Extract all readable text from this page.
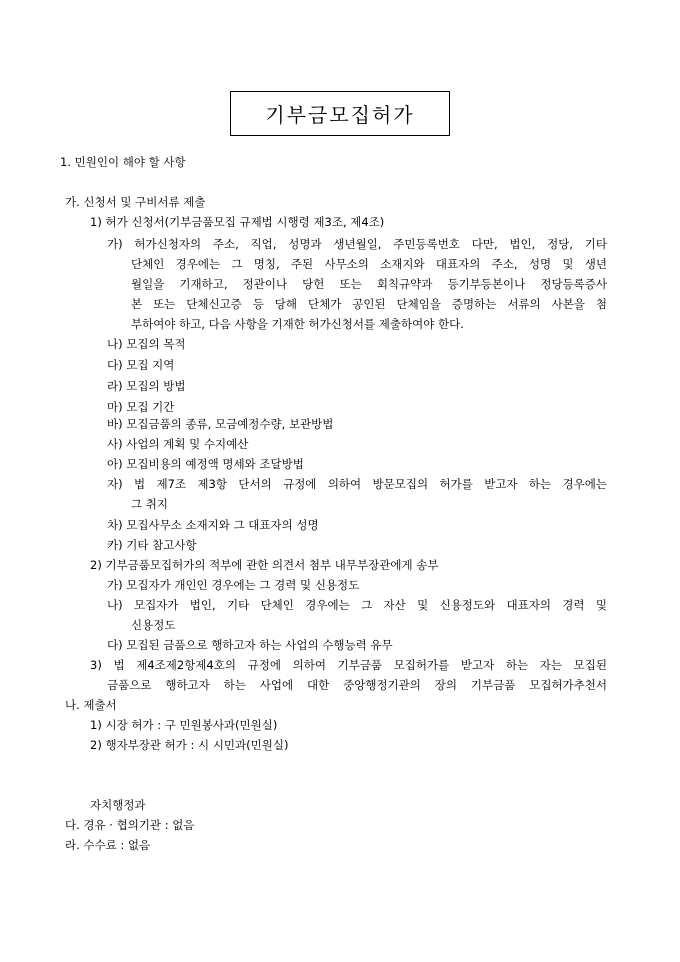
기부금모집허가

1. 민원인이 해야 할 사항

가. 신청서 및 구비서류 제출

1) 허가 신청서(기부금품모집 규제법 시행령 제3조, 제4조)

가) 허가신청자의 주소, 직업, 성명과 생년월일, 주민등록번호 다만, 법인, 정당, 기타

단체인 경우에는 그 명칭, 주된 사무소의 소재지와 대표자의 주소, 성명 및 생년

월일을 기재하고, 정관이나 당헌 또는 회칙규약과 등기부등본이나 정당등록증사

본 또는 단체신고증 등 당해 단체가 공인된 단체임을 증명하는 서류의 사본을 첨

부하여야 하고, 다음 사항을 기재한 허가신청서를 제출하여야 한다.

나) 모집의 목적

다) 모집 지역

라) 모집의 방법

마) 모집 기간

바) 모집금품의 종류, 모금예정수량, 보관방법

사) 사업의 계획 및 수지예산

아) 모집비용의 예정액 명세와 조달방법

자) 법 제7조 제3항 단서의 규정에 의하여 방문모집의 허가를 받고자 하는 경우에는

그 취지

차) 모집사무소 소재지와 그 대표자의 성명

카) 기타 참고사항

2) 기부금품모집허가의 적부에 관한 의견서 첨부 내무부장관에게 송부

가) 모집자가 개인인 경우에는 그 경력 및 신용정도

나) 모집자가 법인, 기타 단체인 경우에는 그 자산 및 신용정도와 대표자의 경력 및

신용정도

다) 모집된 금품으로 행하고자 하는 사업의 수행능력 유무

3) 법 제4조제2항제4호의 규정에 의하여 기부금품 모집허가를 받고자 하는 자는 모집된

금품으로 행하고자 하는 사업에 대한 중앙행정기관의 장의 기부금품 모집허가추천서

나. 제출서

1) 시장 허가 : 구 민원봉사과(민원실)

2) 행자부장관 허가 : 시 시민과(민원실)

자치행정과

다. 경유 · 협의기관 : 없음

라. 수수료 : 없음
